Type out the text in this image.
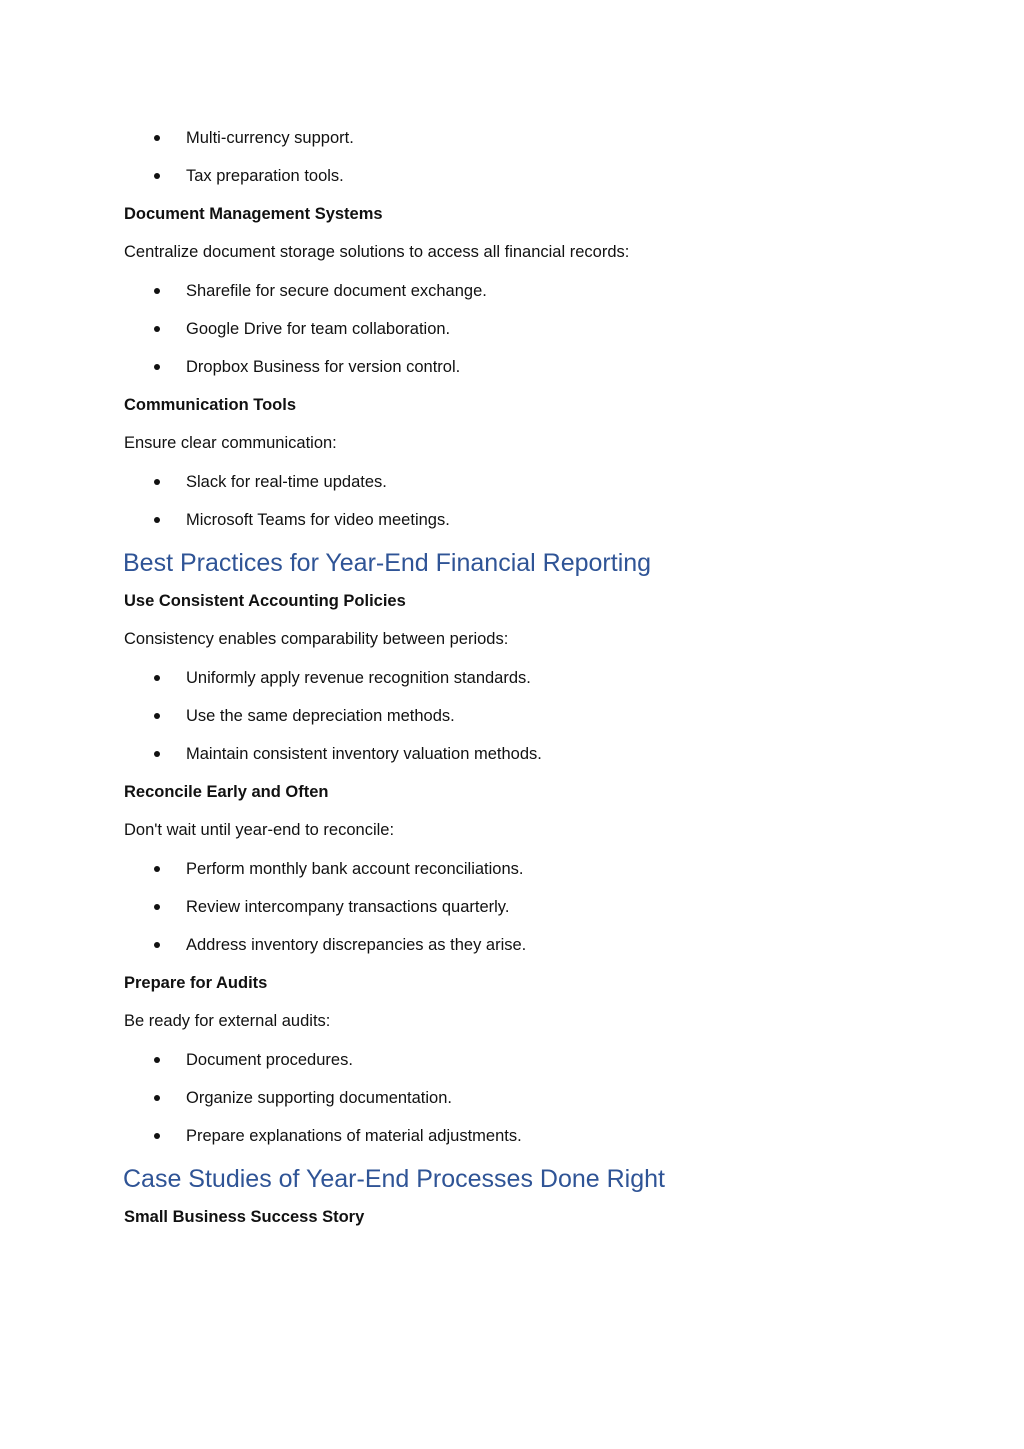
Multi-currency support.
Tax preparation tools.
Document Management Systems
Centralize document storage solutions to access all financial records:
Sharefile for secure document exchange.
Google Drive for team collaboration.
Dropbox Business for version control.
Communication Tools
Ensure clear communication:
Slack for real-time updates.
Microsoft Teams for video meetings.
Best Practices for Year-End Financial Reporting
Use Consistent Accounting Policies
Consistency enables comparability between periods:
Uniformly apply revenue recognition standards.
Use the same depreciation methods.
Maintain consistent inventory valuation methods.
Reconcile Early and Often
Don't wait until year-end to reconcile:
Perform monthly bank account reconciliations.
Review intercompany transactions quarterly.
Address inventory discrepancies as they arise.
Prepare for Audits
Be ready for external audits:
Document procedures.
Organize supporting documentation.
Prepare explanations of material adjustments.
Case Studies of Year-End Processes Done Right
Small Business Success Story
